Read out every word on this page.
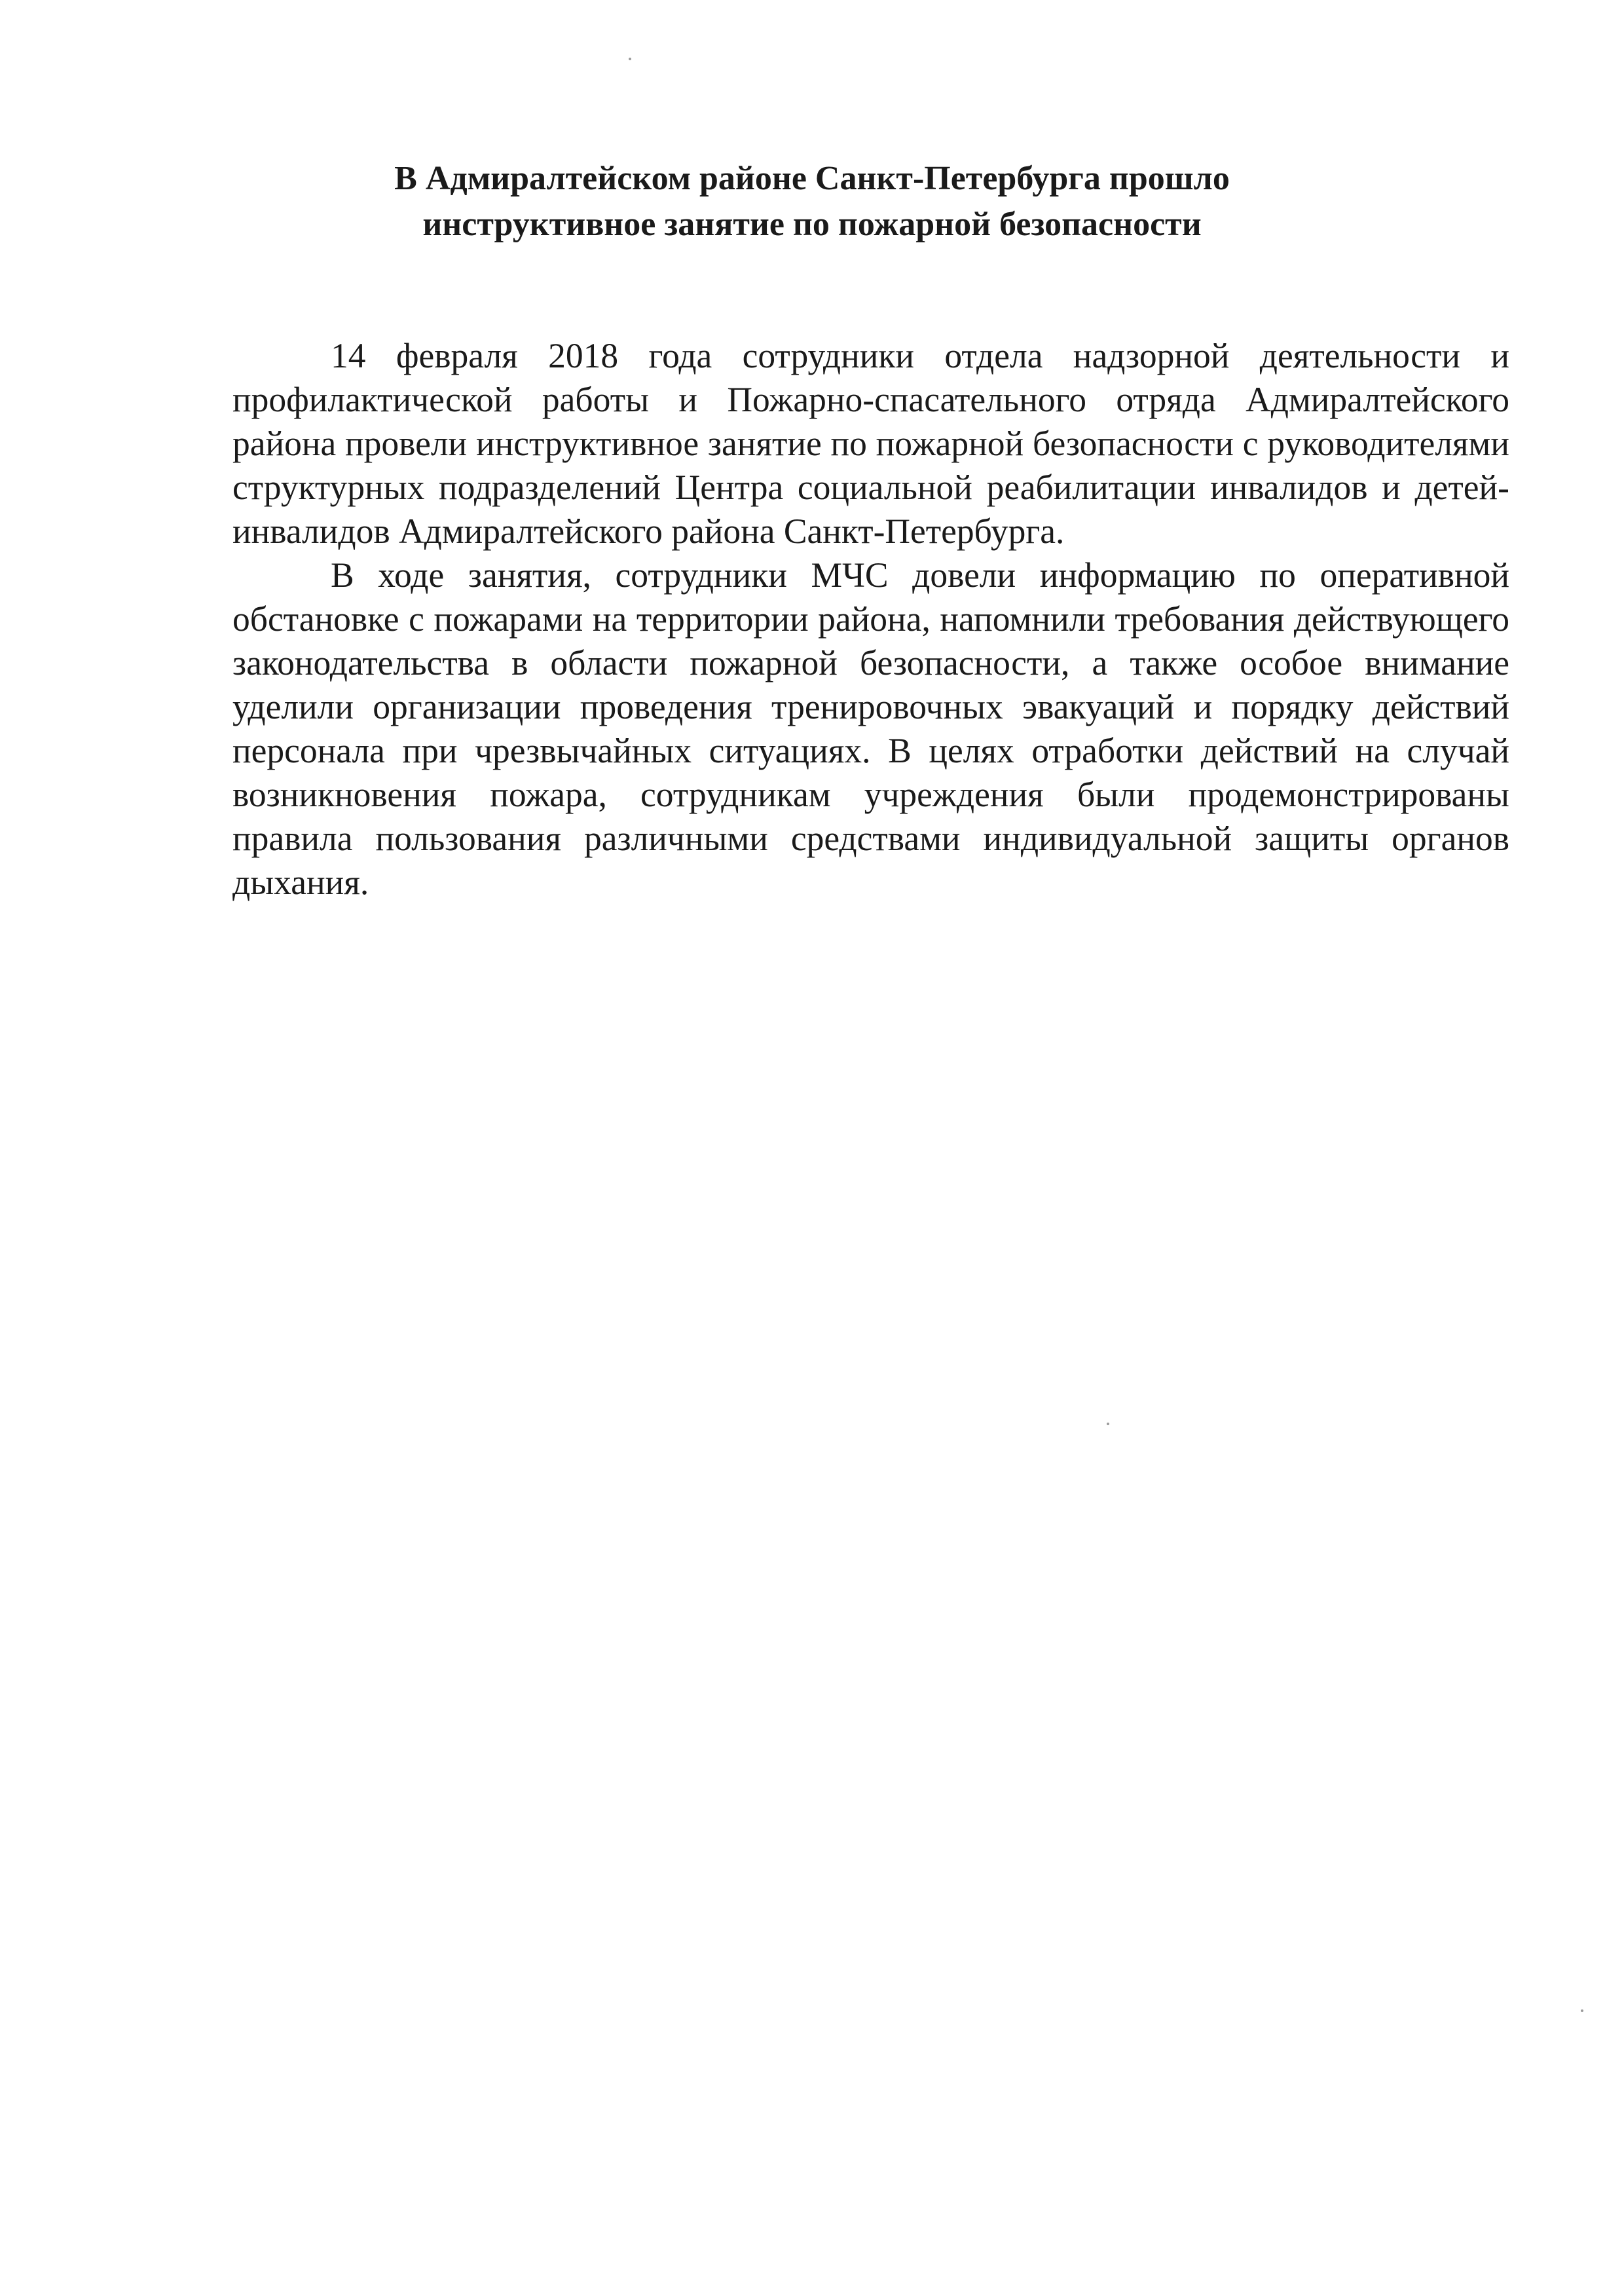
В Адмиралтейском районе Санкт-Петербурга прошло
инструктивное занятие по пожарной безопасности

14 февраля 2018 года сотрудники отдела надзорной деятельности и профилактической работы и Пожарно-спасательного отряда Адмиралтейского района провели инструктивное занятие по пожарной безопасности с руководителями структурных подразделений Центра социальной реабилитации инвалидов и детей-инвалидов Адмиралтейского района Санкт-Петербурга.

В ходе занятия, сотрудники МЧС довели информацию по оперативной обстановке с пожарами на территории района, напомнили требования действующего законодательства в области пожарной безопасности, а также особое внимание уделили организации проведения тренировочных эвакуаций и порядку действий персонала при чрезвычайных ситуациях. В целях отработки действий на случай возникновения пожара, сотрудникам учреждения были продемонстрированы правила пользования различными средствами индивидуальной защиты органов дыхания.
